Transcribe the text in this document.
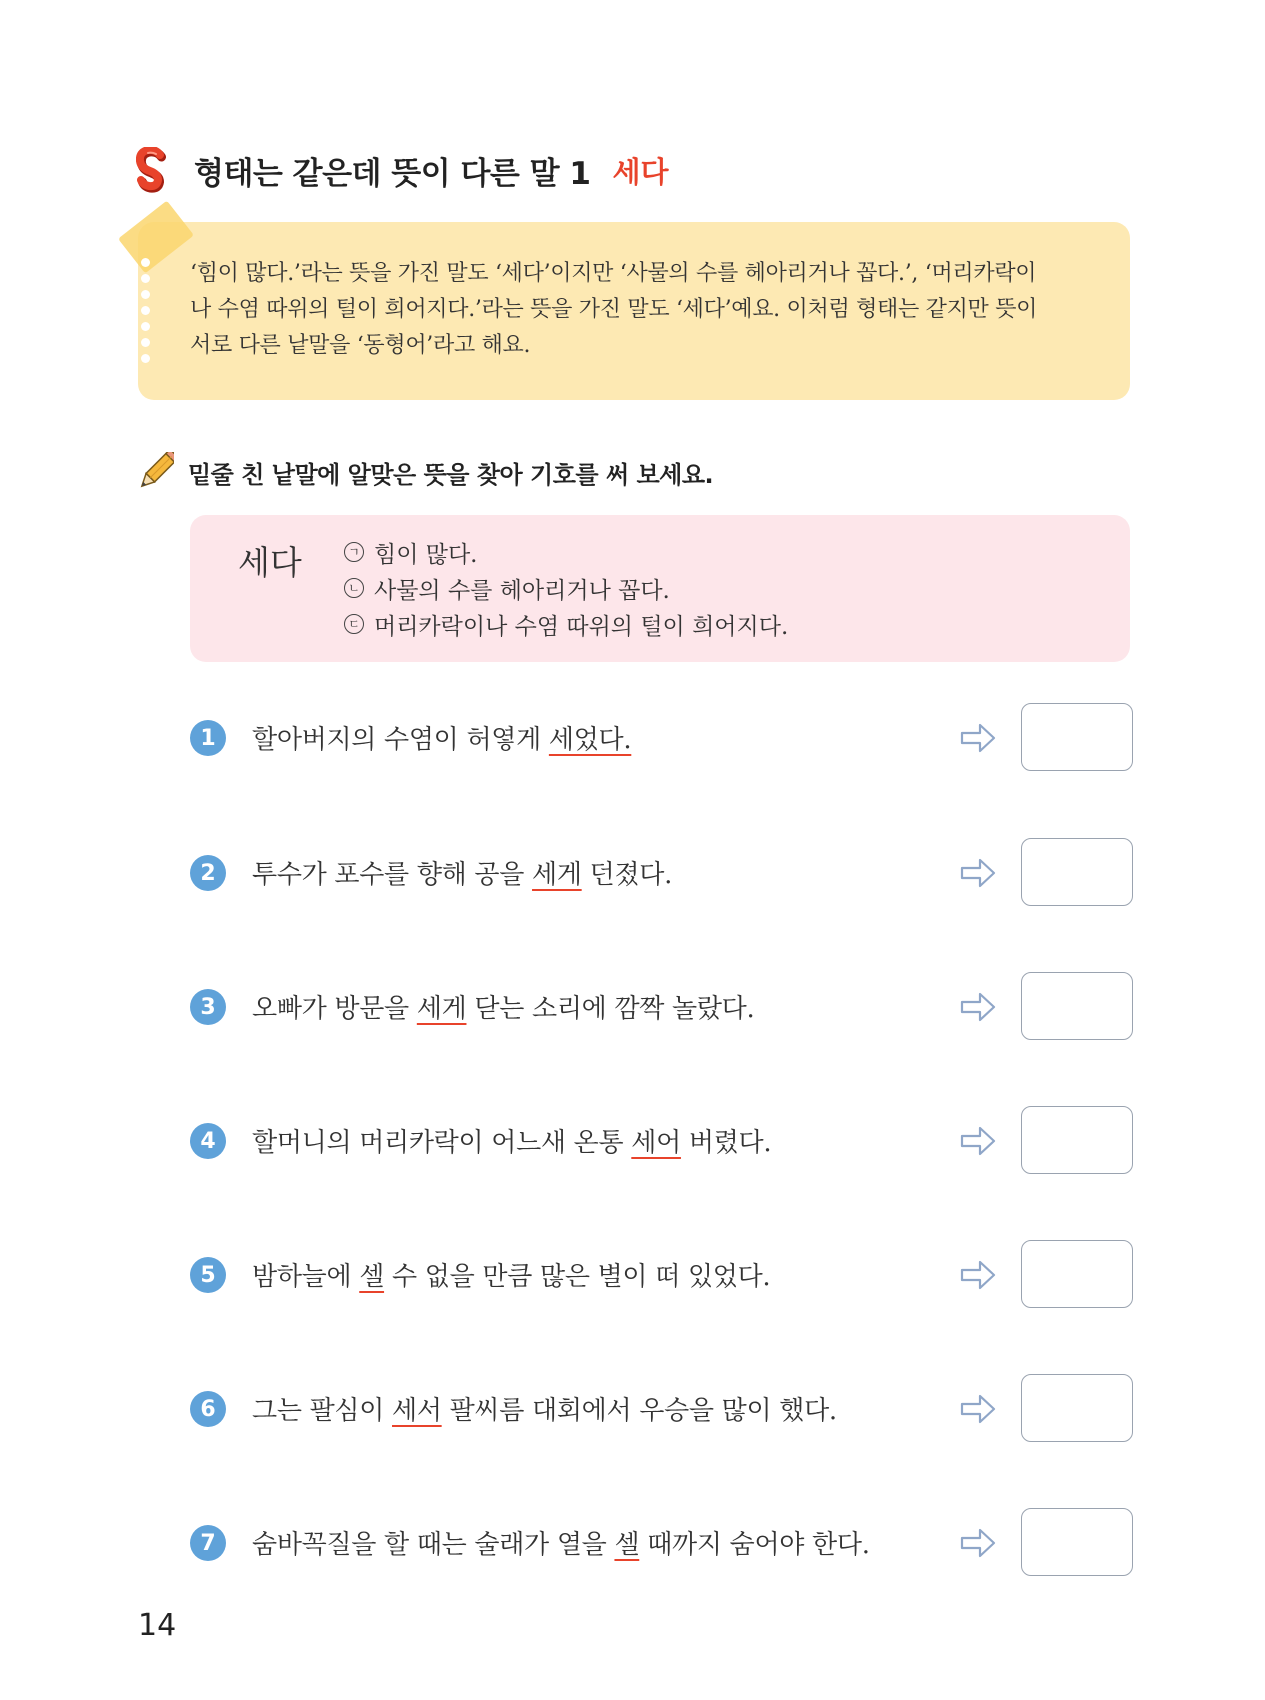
형태는 같은데 뜻이 다른 말 1 세다
‘힘이 많다.’라는 뜻을 가진 말도 ‘세다’이지만 ‘사물의 수를 헤아리거나 꼽다.’, ‘머리카락이
나 수염 따위의 털이 희어지다.’라는 뜻을 가진 말도 ‘세다’예요. 이처럼 형태는 같지만 뜻이
서로 다른 낱말을 ‘동형어’라고 해요.
밑줄 친 낱말에 알맞은 뜻을 찾아 기호를 써 보세요.
세다	ㄱ 힘이 많다.
ㄴ 사물의 수를 헤아리거나 꼽다.
ㄷ 머리카락이나 수염 따위의 털이 희어지다.
1	할아버지의 수염이 허옇게 세었다.
2	투수가 포수를 향해 공을 세게 던졌다.
3	오빠가 방문을 세게 닫는 소리에 깜짝 놀랐다.
4	할머니의 머리카락이 어느새 온통 세어 버렸다.
5	밤하늘에 셀 수 없을 만큼 많은 별이 떠 있었다.
6	그는 팔심이 세서 팔씨름 대회에서 우승을 많이 했다.
7	숨바꼭질을 할 때는 술래가 열을 셀 때까지 숨어야 한다.
14
